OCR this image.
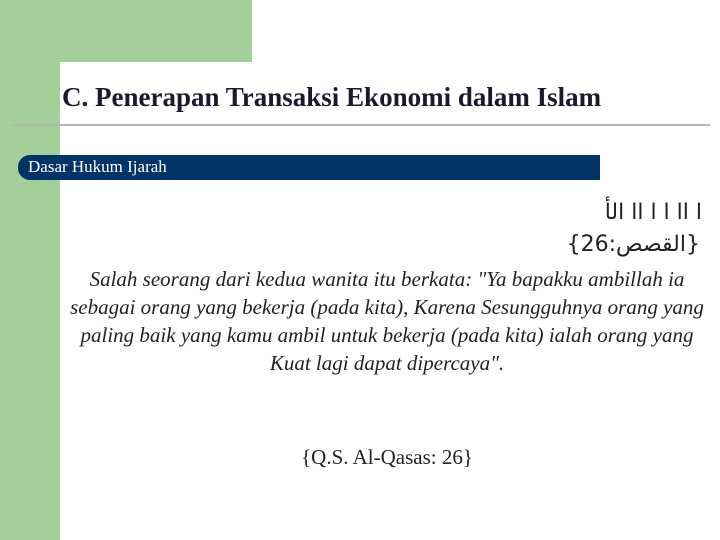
C. Penerapan Transaksi Ekonomi dalam Islam
Dasar Hukum Ijarah
ا اا ا ا اا الأ
{القصص:26}

Salah seorang dari kedua wanita itu berkata: "Ya bapakku ambillah ia sebagai orang yang bekerja (pada kita), Karena Sesungguhnya orang yang paling baik yang kamu ambil untuk bekerja (pada kita) ialah orang yang Kuat lagi dapat dipercaya".

{Q.S. Al-Qasas: 26}
